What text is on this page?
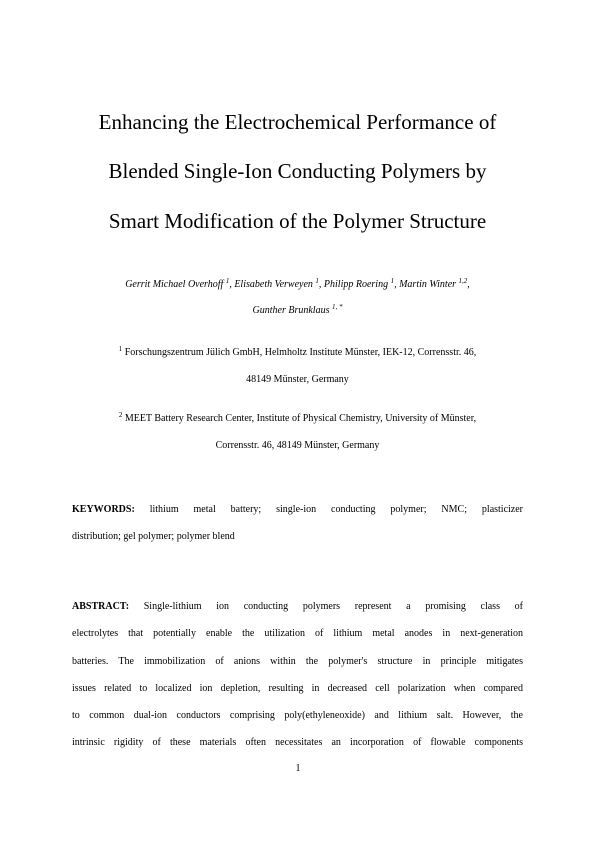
Enhancing the Electrochemical Performance of
Blended Single-Ion Conducting Polymers by
Smart Modification of the Polymer Structure
Gerrit Michael Overhoff $^1$, Elisabeth Verweyen $^1$, Philipp Roering $^1$, Martin Winter $^{1,2}$,
Gunther Brunklaus $^{1, *}$
$^1$ Forschungszentrum Jülich GmbH, Helmholtz Institute Münster, IEK-12, Corrensstr. 46,
48149 Münster, Germany
$^2$ MEET Battery Research Center, Institute of Physical Chemistry, University of Münster,
Corrensstr. 46, 48149 Münster, Germany
KEYWORDS: lithium metal battery; single-ion conducting polymer; NMC; plasticizer
distribution; gel polymer; polymer blend
ABSTRACT: Single-lithium ion conducting polymers represent a promising class of
electrolytes that potentially enable the utilization of lithium metal anodes in next-generation
batteries. The immobilization of anions within the polymer's structure in principle mitigates
issues related to localized ion depletion, resulting in decreased cell polarization when compared
to common dual-ion conductors comprising poly(ethyleneoxide) and lithium salt. However, the
intrinsic rigidity of these materials often necessitates an incorporation of flowable components
1
